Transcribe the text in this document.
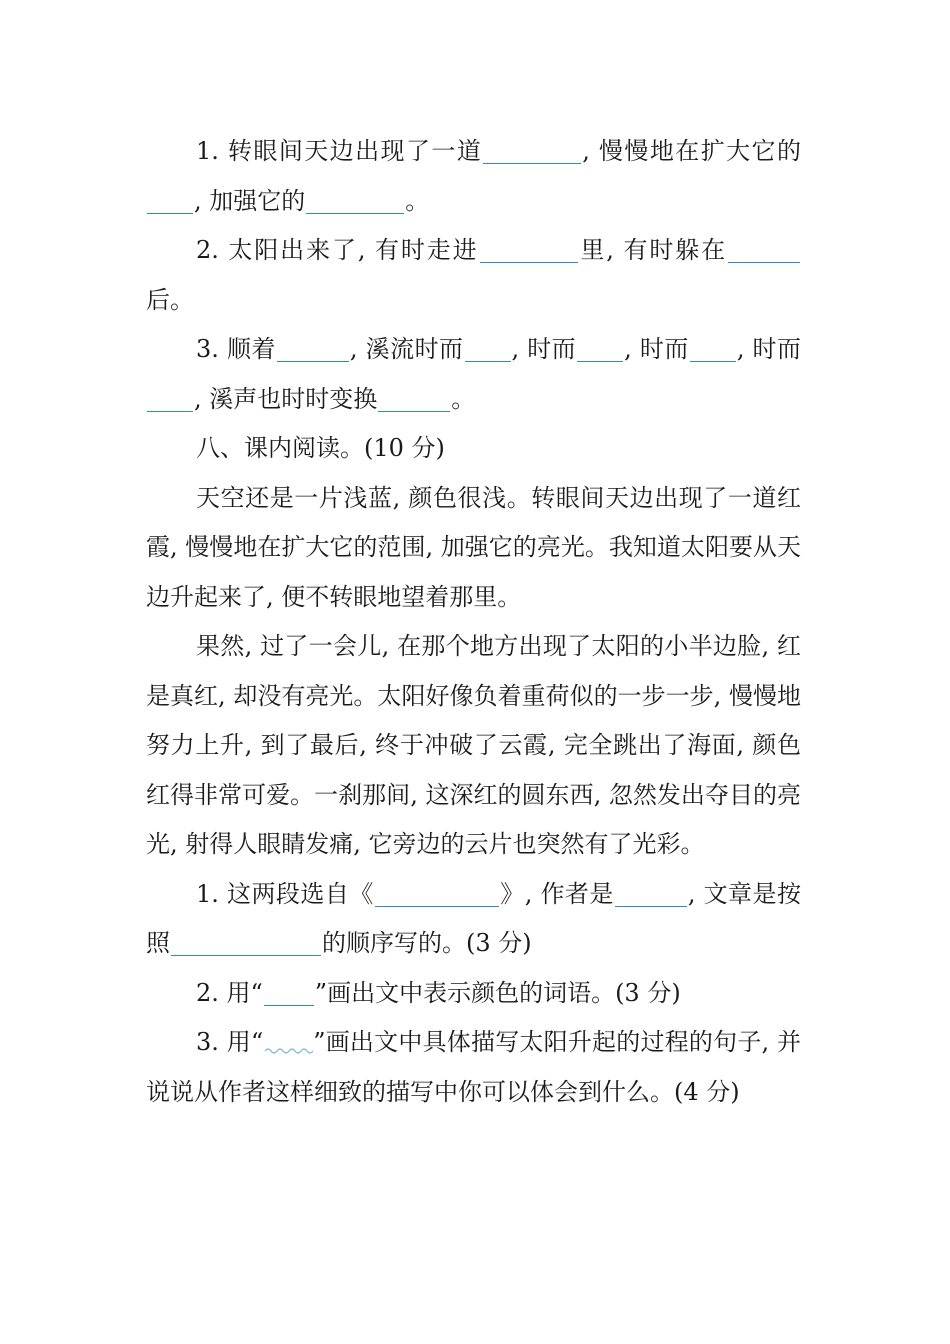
1. 转眼间天边出现了一道	, 慢慢地在扩大它的, 加强它的	。

2. 太阳出来了, 有时走进	里, 有时躲在后。

3. 顺着	, 溪流时而 , 时而 , 时而 , 时而, 溪声也时时变换	。

八、课内阅读。(10 分)

天空还是一片浅蓝, 颜色很浅。转眼间天边出现了一道红霞, 慢慢地在扩大它的范围, 加强它的亮光。我知道太阳要从天边升起来了, 便不转眼地望着那里。

果然, 过了一会儿, 在那个地方出现了太阳的小半边脸, 红是真红, 却没有亮光。太阳好像负着重荷似的一步一步, 慢慢地努力上升, 到了最后, 终于冲破了云霞, 完全跳出了海面, 颜色红得非常可爱。一刹那间, 这深红的圆东西, 忽然发出夺目的亮光, 射得人眼睛发痛, 它旁边的云片也突然有了光彩。

1. 这两段选自《	》, 作者是	, 文章是按照	的顺序写的。(3 分)

2. 用“ ”画出文中表示颜色的词语。(3 分)

3. 用“ ”画出文中具体描写太阳升起的过程的句子, 并说说从作者这样细致的描写中你可以体会到什么。(4 分)
